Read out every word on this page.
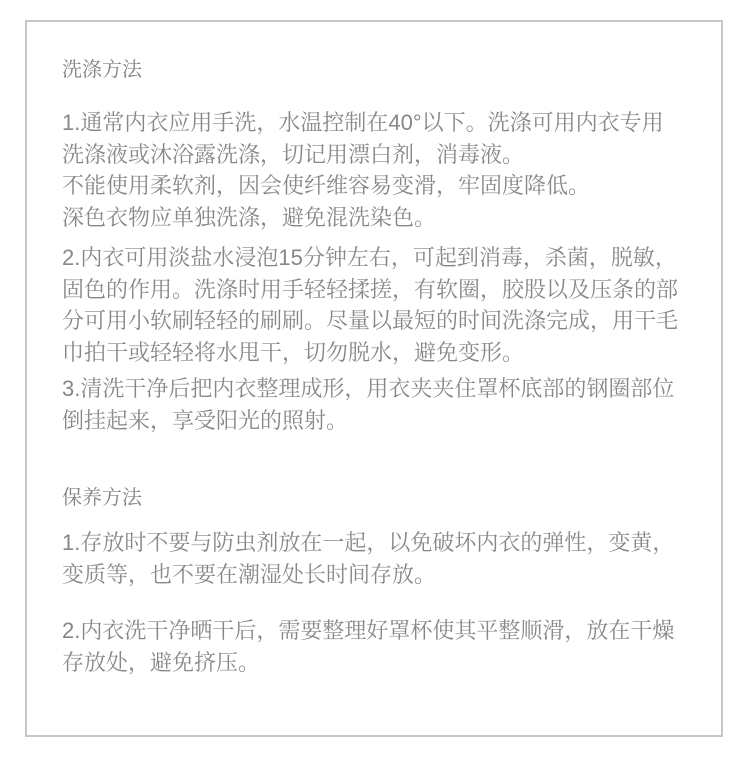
洗涤方法
1.通常内衣应用手洗，水温控制在40°以下。洗涤可用内衣专用
洗涤液或沐浴露洗涤，切记用漂白剂，消毒液。
不能使用柔软剂，因会使纤维容易变滑，牢固度降低。
深色衣物应单独洗涤，避免混洗染色。
2.内衣可用淡盐水浸泡15分钟左右，可起到消毒，杀菌，脱敏，
固色的作用。洗涤时用手轻轻揉搓，有软圈，胶股以及压条的部
分可用小软刷轻轻的刷刷。尽量以最短的时间洗涤完成，用干毛
巾拍干或轻轻将水甩干，切勿脱水，避免变形。
3.清洗干净后把内衣整理成形，用衣夹夹住罩杯底部的钢圈部位
倒挂起来，享受阳光的照射。
保养方法
1.存放时不要与防虫剂放在一起，以免破坏内衣的弹性，变黄，
变质等，也不要在潮湿处长时间存放。
2.内衣洗干净晒干后，需要整理好罩杯使其平整顺滑，放在干燥
存放处，避免挤压。
